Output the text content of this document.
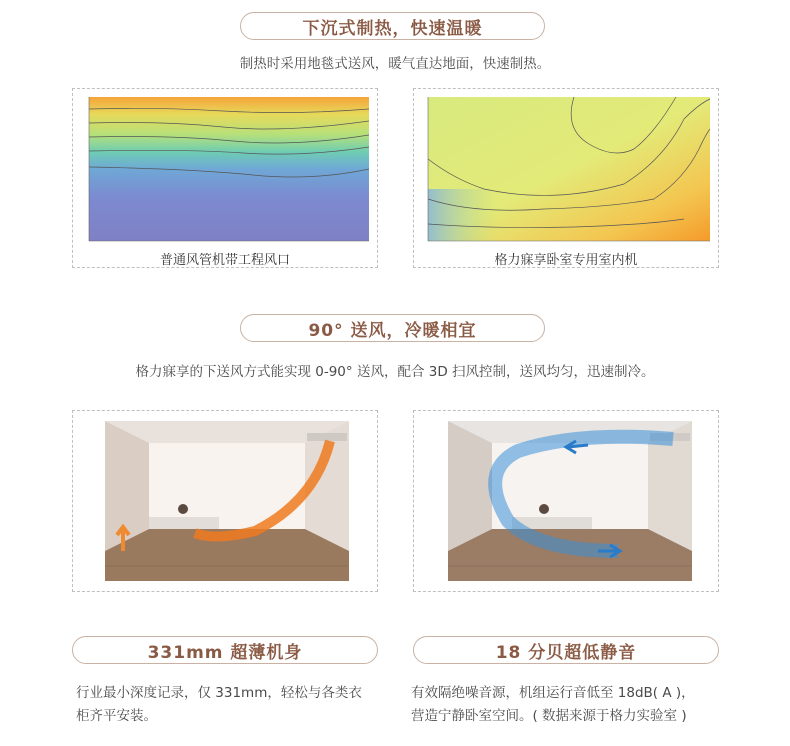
下沉式制热，快速温暖
制热时采用地毯式送风，暖气直达地面，快速制热。
普通风管机带工程风口	格力寐享卧室专用室内机
90° 送风，冷暖相宜
格力寐享的下送风方式能实现 0-90° 送风，配合 3D 扫风控制，送风均匀，迅速制冷。
331mm 超薄机身	18 分贝超低静音
行业最小深度记录，仅 331mm，轻松与各类衣
柜齐平安装。
有效隔绝噪音源，机组运行音低至 18dB( A )，
营造宁静卧室空间。( 数据来源于格力实验室 )
